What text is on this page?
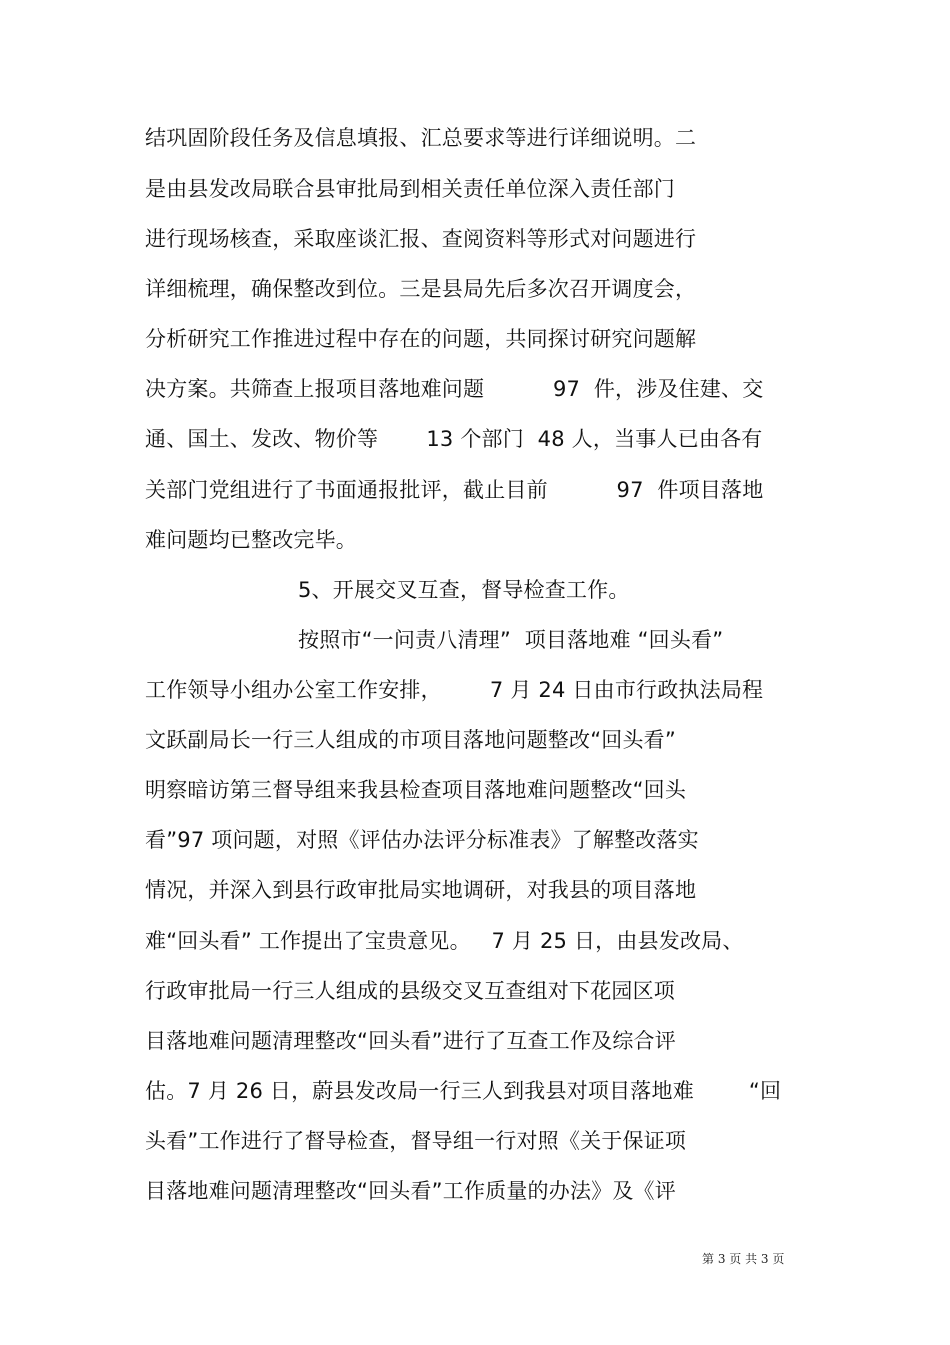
结巩固阶段任务及信息填报、汇总要求等进行详细说明。二
是由县发改局联合县审批局到相关责任单位深入责任部门
进行现场核查，采取座谈汇报、查阅资料等形式对问题进行
详细梳理，确保整改到位。三是县局先后多次召开调度会，
分析研究工作推进过程中存在的问题，共同探讨研究问题解
决方案。共筛查上报项目落地难问题          97  件，涉及住建、交
通、国土、发改、物价等       13 个部门  48 人，当事人已由各有
关部门党组进行了书面通报批评，截止目前          97  件项目落地
难问题均已整改完毕。
5、开展交叉互查，督导检查工作。
按照市“一问责八清理”  项目落地难 “回头看”
工作领导小组办公室工作安排，       7 月 24 日由市行政执法局程
文跃副局长一行三人组成的市项目落地问题整改“回头看”
明察暗访第三督导组来我县检查项目落地难问题整改“回头
看”97 项问题，对照《评估办法评分标准表》了解整改落实
情况，并深入到县行政审批局实地调研，对我县的项目落地
难“回头看” 工作提出了宝贵意见。   7 月 25 日，由县发改局、
行政审批局一行三人组成的县级交叉互查组对下花园区项
目落地难问题清理整改“回头看”进行了互查工作及综合评
估。7 月 26 日，蔚县发改局一行三人到我县对项目落地难        “回
头看”工作进行了督导检查，督导组一行对照《关于保证项
目落地难问题清理整改“回头看”工作质量的办法》及《评
第 3 页 共 3 页
